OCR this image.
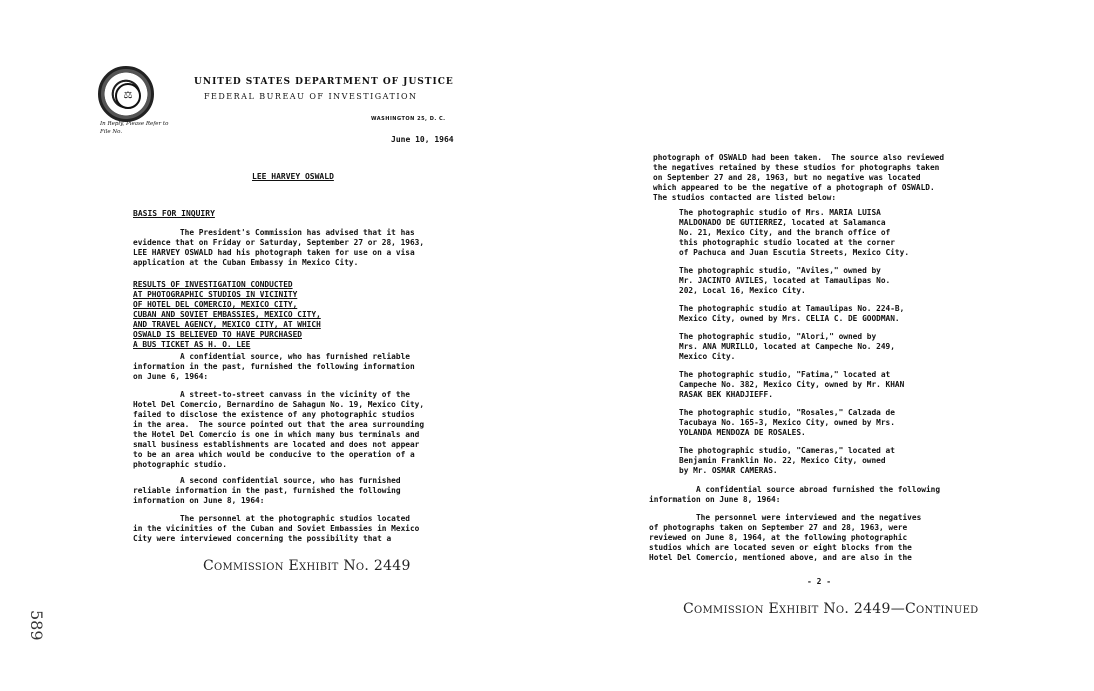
⚖
UNITED STATES DEPARTMENT OF JUSTICE
FEDERAL BUREAU OF INVESTIGATION
In Reply, Please Refer to
File No.
WASHINGTON 25, D. C.
June 10, 1964
LEE HARVEY OSWALD
BASIS FOR INQUIRY
The President's Commission has advised that it has
evidence that on Friday or Saturday, September 27 or 28, 1963,
LEE HARVEY OSWALD had his photograph taken for use on a visa
application at the Cuban Embassy in Mexico City.
RESULTS OF INVESTIGATION CONDUCTED
AT PHOTOGRAPHIC STUDIOS IN VICINITY
OF HOTEL DEL COMERCIO, MEXICO CITY,
CUBAN AND SOVIET EMBASSIES, MEXICO CITY,
AND TRAVEL AGENCY, MEXICO CITY, AT WHICH
OSWALD IS BELIEVED TO HAVE PURCHASED
A BUS TICKET AS H. O. LEE
A confidential source, who has furnished reliable
information in the past, furnished the following information
on June 6, 1964:
A street-to-street canvass in the vicinity of the
Hotel Del Comercio, Bernardino de Sahagun No. 19, Mexico City,
failed to disclose the existence of any photographic studios
in the area.  The source pointed out that the area surrounding
the Hotel Del Comercio is one in which many bus terminals and
small business establishments are located and does not appear
to be an area which would be conducive to the operation of a
photographic studio.
A second confidential source, who has furnished
reliable information in the past, furnished the following
information on June 8, 1964:
The personnel at the photographic studios located
in the vicinities of the Cuban and Soviet Embassies in Mexico
City were interviewed concerning the possibility that a
Commission Exhibit No. 2449
589
photograph of OSWALD had been taken.  The source also reviewed
the negatives retained by these studios for photographs taken
on September 27 and 28, 1963, but no negative was located
which appeared to be the negative of a photograph of OSWALD.
The studios contacted are listed below:
The photographic studio of Mrs. MARIA LUISA
MALDONADO DE GUTIERREZ, located at Salamanca
No. 21, Mexico City, and the branch office of
this photographic studio located at the corner
of Pachuca and Juan Escutia Streets, Mexico City.
The photographic studio, "Aviles," owned by
Mr. JACINTO AVILES, located at Tamaulipas No.
202, Local 16, Mexico City.
The photographic studio at Tamaulipas No. 224-B,
Mexico City, owned by Mrs. CELIA C. DE GOODMAN.
The photographic studio, "Alori," owned by
Mrs. ANA MURILLO, located at Campeche No. 249,
Mexico City.
The photographic studio, "Fatima," located at
Campeche No. 382, Mexico City, owned by Mr. KHAN
RASAK BEK KHADJIEFF.
The photographic studio, "Rosales," Calzada de
Tacubaya No. 165-3, Mexico City, owned by Mrs.
YOLANDA MENDOZA DE ROSALES.
The photographic studio, "Cameras," located at
Benjamin Franklin No. 22, Mexico City, owned
by Mr. OSMAR CAMERAS.
A confidential source abroad furnished the following
information on June 8, 1964:
The personnel were interviewed and the negatives
of photographs taken on September 27 and 28, 1963, were
reviewed on June 8, 1964, at the following photographic
studios which are located seven or eight blocks from the
Hotel Del Comercio, mentioned above, and are also in the
- 2 -
Commission Exhibit No. 2449—Continued
